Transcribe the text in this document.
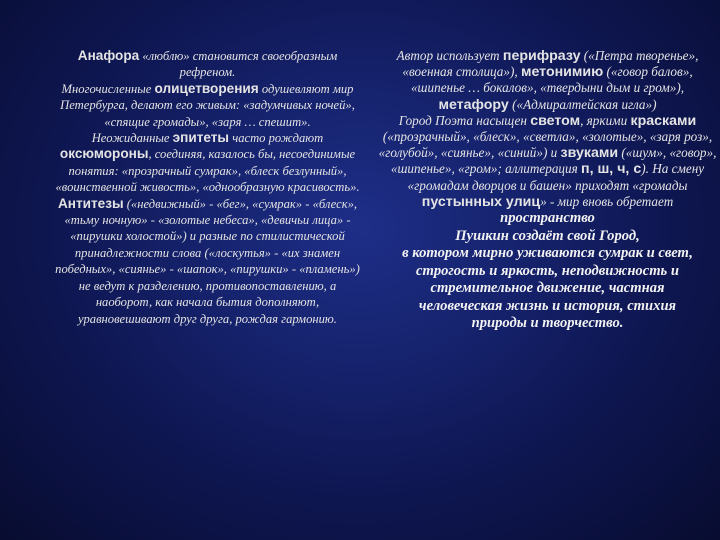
Анафора «люблю» становится своеобразным рефреном.

Многочисленные олицетворения одушевляют мир Петербурга, делают его живым: «задумчивых ночей», «спящие громады», «заря … спешит».

Неожиданные эпитеты часто рождают оксюмороны, соединяя, казалось бы, несоединимые понятия: «прозрачный сумрак», «блеск безлунный», «воинственной живость», «однообразную красивость».

Антитезы («недвижный» - «бег», «сумрак» - «блеск», «тьму ночную» - «золотые небеса», «девичьи лица» - «пирушки холостой») и разные по стилистической принадлежности слова («лоскутья» - «их знамен победных», «сиянье» - «шапок», «пирушки» - «пламень») не ведут к разделению, противопоставлению, а наоборот, как начала бытия дополняют, уравновешивают друг друга, рождая гармонию.

Автор использует перифразу («Петра творенье», «военная столица»), метонимию («говор балов», «шипенье … бокалов», «твердыни дым и гром»), метафору («Адмиралтейская игла»)

Город Поэта насыщен светом, яркими красками («прозрачный», «блеск», «светла», «золотые», «заря роз», «голубой», «сиянье», «синий») и звуками («шум», «говор», «шипенье», «гром»; аллитерация п, ш, ч, с). На смену «громадам дворцов и башен» приходят «громады пустынных улиц» - мир вновь обретает

пространство

Пушкин создаёт свой Город,

в котором мирно уживаются сумрак и свет,

строгость и яркость, неподвижность и

стремительное движение, частная

человеческая жизнь и история, стихия

природы и творчество.
